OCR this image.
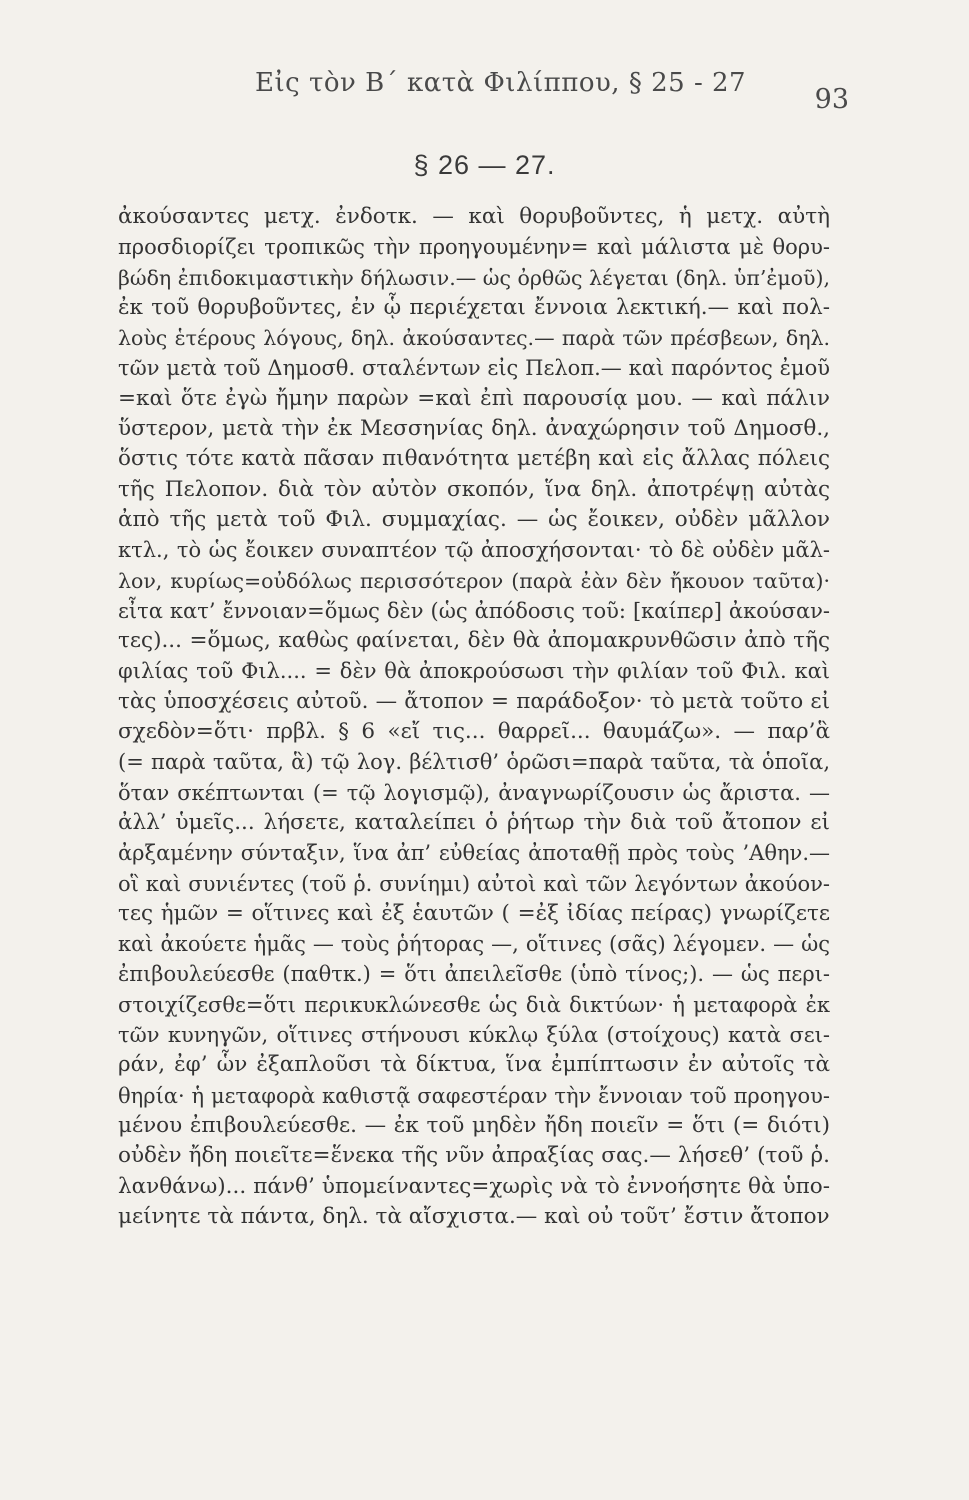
Εἰς τὸν Β΄ κατὰ Φιλίππου, § 25 - 27
93
§ 26 — 27.
ἀκούσαντες μετχ. ἐνδοτκ. — καὶ θορυβοῦντες, ἡ μετχ. αὐτὴ
προσδιορίζει τροπικῶς τὴν προηγουμένην= καὶ μάλιστα μὲ θορυ-
βώδη ἐπιδοκιμαστικὴν δήλωσιν.— ὡς ὀρθῶς λέγεται (δηλ. ὑπ’ἐμοῦ),
ἐκ τοῦ θορυβοῦντες, ἐν ᾧ περιέχεται ἔννοια λεκτική.— καὶ πολ-
λοὺς ἑτέρους λόγους, δηλ. ἀκούσαντες.— παρὰ τῶν πρέσβεων, δηλ.
τῶν μετὰ τοῦ Δημοσθ. σταλέντων εἰς Πελοπ.— καὶ παρόντος ἐμοῦ
=καὶ ὅτε ἐγὼ ἤμην παρὼν =καὶ ἐπὶ παρουσίᾳ μου. — καὶ πάλιν
ὕστερον, μετὰ τὴν ἐκ Μεσσηνίας δηλ. ἀναχώρησιν τοῦ Δημοσθ.,
ὅστις τότε κατὰ πᾶσαν πιθανότητα μετέβη καὶ εἰς ἄλλας πόλεις
τῆς Πελοπον. διὰ τὸν αὐτὸν σκοπόν, ἵνα δηλ. ἀποτρέψῃ αὐτὰς
ἀπὸ τῆς μετὰ τοῦ Φιλ. συμμαχίας. — ὡς ἔοικεν, οὐδὲν μᾶλλον
κτλ., τὸ ὡς ἔοικεν συναπτέον τῷ ἀποσχήσονται· τὸ δὲ οὐδὲν μᾶλ-
λον, κυρίως=οὐδόλως περισσότερον (παρὰ ἐὰν δὲν ἤκουον ταῦτα)·
εἶτα κατ’ ἔννοιαν=ὅμως δὲν (ὡς ἀπόδοσις τοῦ: [καίπερ] ἀκούσαν-
τες)... =ὅμως, καθὼς φαίνεται, δὲν θὰ ἀπομακρυνθῶσιν ἀπὸ τῆς
φιλίας τοῦ Φιλ.... = δὲν θὰ ἀποκρούσωσι τὴν φιλίαν τοῦ Φιλ. καὶ
τὰς ὑποσχέσεις αὐτοῦ. — ἄτοπον = παράδοξον· τὸ μετὰ τοῦτο εἰ
σχεδὸν=ὅτι· πρβλ. § 6 «εἴ τις... θαρρεῖ... θαυμάζω». — παρ’ἃ
(= παρὰ ταῦτα, ἃ) τῷ λογ. βέλτισθ’ ὁρῶσι=παρὰ ταῦτα, τὰ ὁποῖα,
ὅταν σκέπτωνται (= τῷ λογισμῷ), ἀναγνωρίζουσιν ὡς ἄριστα. —
ἀλλ’ ὑμεῖς... λήσετε, καταλείπει ὁ ῥήτωρ τὴν διὰ τοῦ ἄτοπον εἰ
ἀρξαμένην σύνταξιν, ἵνα ἀπ’ εὐθείας ἀποταθῇ πρὸς τοὺς ’Αθην.—
οἳ καὶ συνιέντες (τοῦ ῥ. συνίημι) αὐτοὶ καὶ τῶν λεγόντων ἀκούον-
τες ἡμῶν = οἵτινες καὶ ἐξ ἑαυτῶν ( =ἐξ ἰδίας πείρας) γνωρίζετε
καὶ ἀκούετε ἡμᾶς — τοὺς ῥήτορας —, οἵτινες (σᾶς) λέγομεν. — ὡς
ἐπιβουλεύεσθε (παθτκ.) = ὅτι ἀπειλεῖσθε (ὑπὸ τίνος;). — ὡς περι-
στοιχίζεσθε=ὅτι περικυκλώνεσθε ὡς διὰ δικτύων· ἡ μεταφορὰ ἐκ
τῶν κυνηγῶν, οἵτινες στήνουσι κύκλῳ ξύλα (στοίχους) κατὰ σει-
ράν, ἐφ’ ὧν ἐξαπλοῦσι τὰ δίκτυα, ἵνα ἐμπίπτωσιν ἐν αὐτοῖς τὰ
θηρία· ἡ μεταφορὰ καθιστᾷ σαφεστέραν τὴν ἔννοιαν τοῦ προηγου-
μένου ἐπιβουλεύεσθε. — ἐκ τοῦ μηδὲν ἤδη ποιεῖν = ὅτι (= διότι)
οὐδὲν ἤδη ποιεῖτε=ἕνεκα τῆς νῦν ἀπραξίας σας.— λήσεθ’ (τοῦ ῥ.
λανθάνω)... πάνθ’ ὑπομείναντες=χωρὶς νὰ τὸ ἐννοήσητε θὰ ὑπο-
μείνητε τὰ πάντα, δηλ. τὰ αἴσχιστα.— καὶ οὐ τοῦτ’ ἔστιν ἄτοπον
